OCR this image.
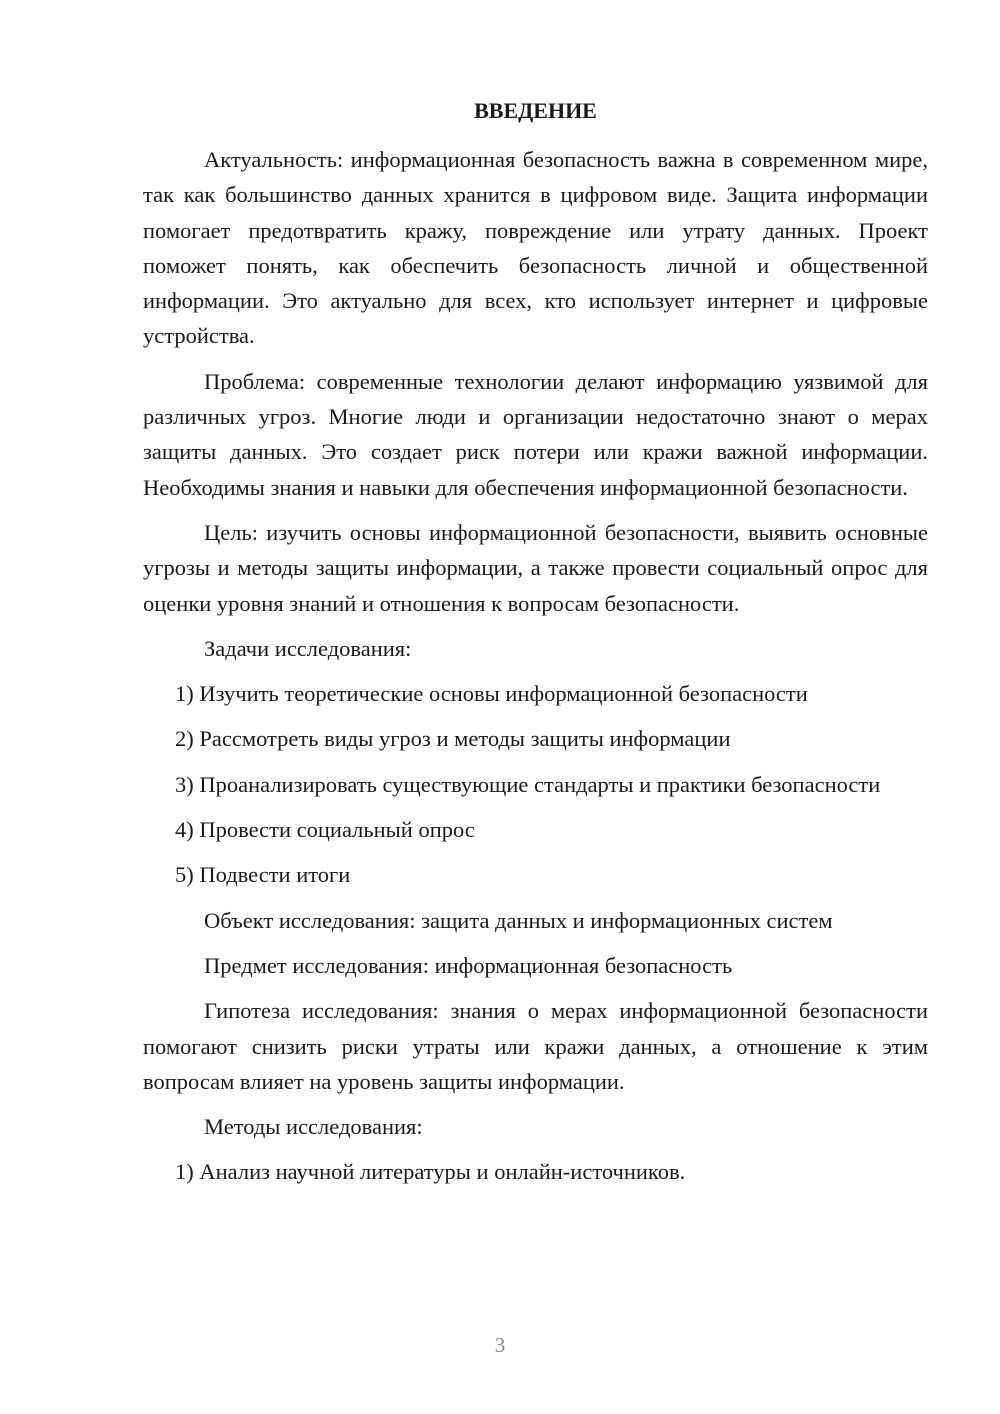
ВВЕДЕНИЕ

Актуальность: информационная безопасность важна в современном мире, так как большинство данных хранится в цифровом виде. Защита информации помогает предотвратить кражу, повреждение или утрату данных. Проект поможет понять, как обеспечить безопасность личной и общественной информации. Это актуально для всех, кто использует интернет и цифровые устройства.

Проблема: современные технологии делают информацию уязвимой для различных угроз. Многие люди и организации недостаточно знают о мерах защиты данных. Это создает риск потери или кражи важной информации. Необходимы знания и навыки для обеспечения информационной безопасности.

Цель: изучить основы информационной безопасности, выявить основные угрозы и методы защиты информации, а также провести социальный опрос для оценки уровня знаний и отношения к вопросам безопасности.

Задачи исследования:

1) Изучить теоретические основы информационной безопасности

2) Рассмотреть виды угроз и методы защиты информации

3) Проанализировать существующие стандарты и практики безопасности

4) Провести социальный опрос

5) Подвести итоги

Объект исследования: защита данных и информационных систем

Предмет исследования: информационная безопасность

Гипотеза исследования: знания о мерах информационной безопасности помогают снизить риски утраты или кражи данных, а отношение к этим вопросам влияет на уровень защиты информации.

Методы исследования:

1) Анализ научной литературы и онлайн-источников.

3
